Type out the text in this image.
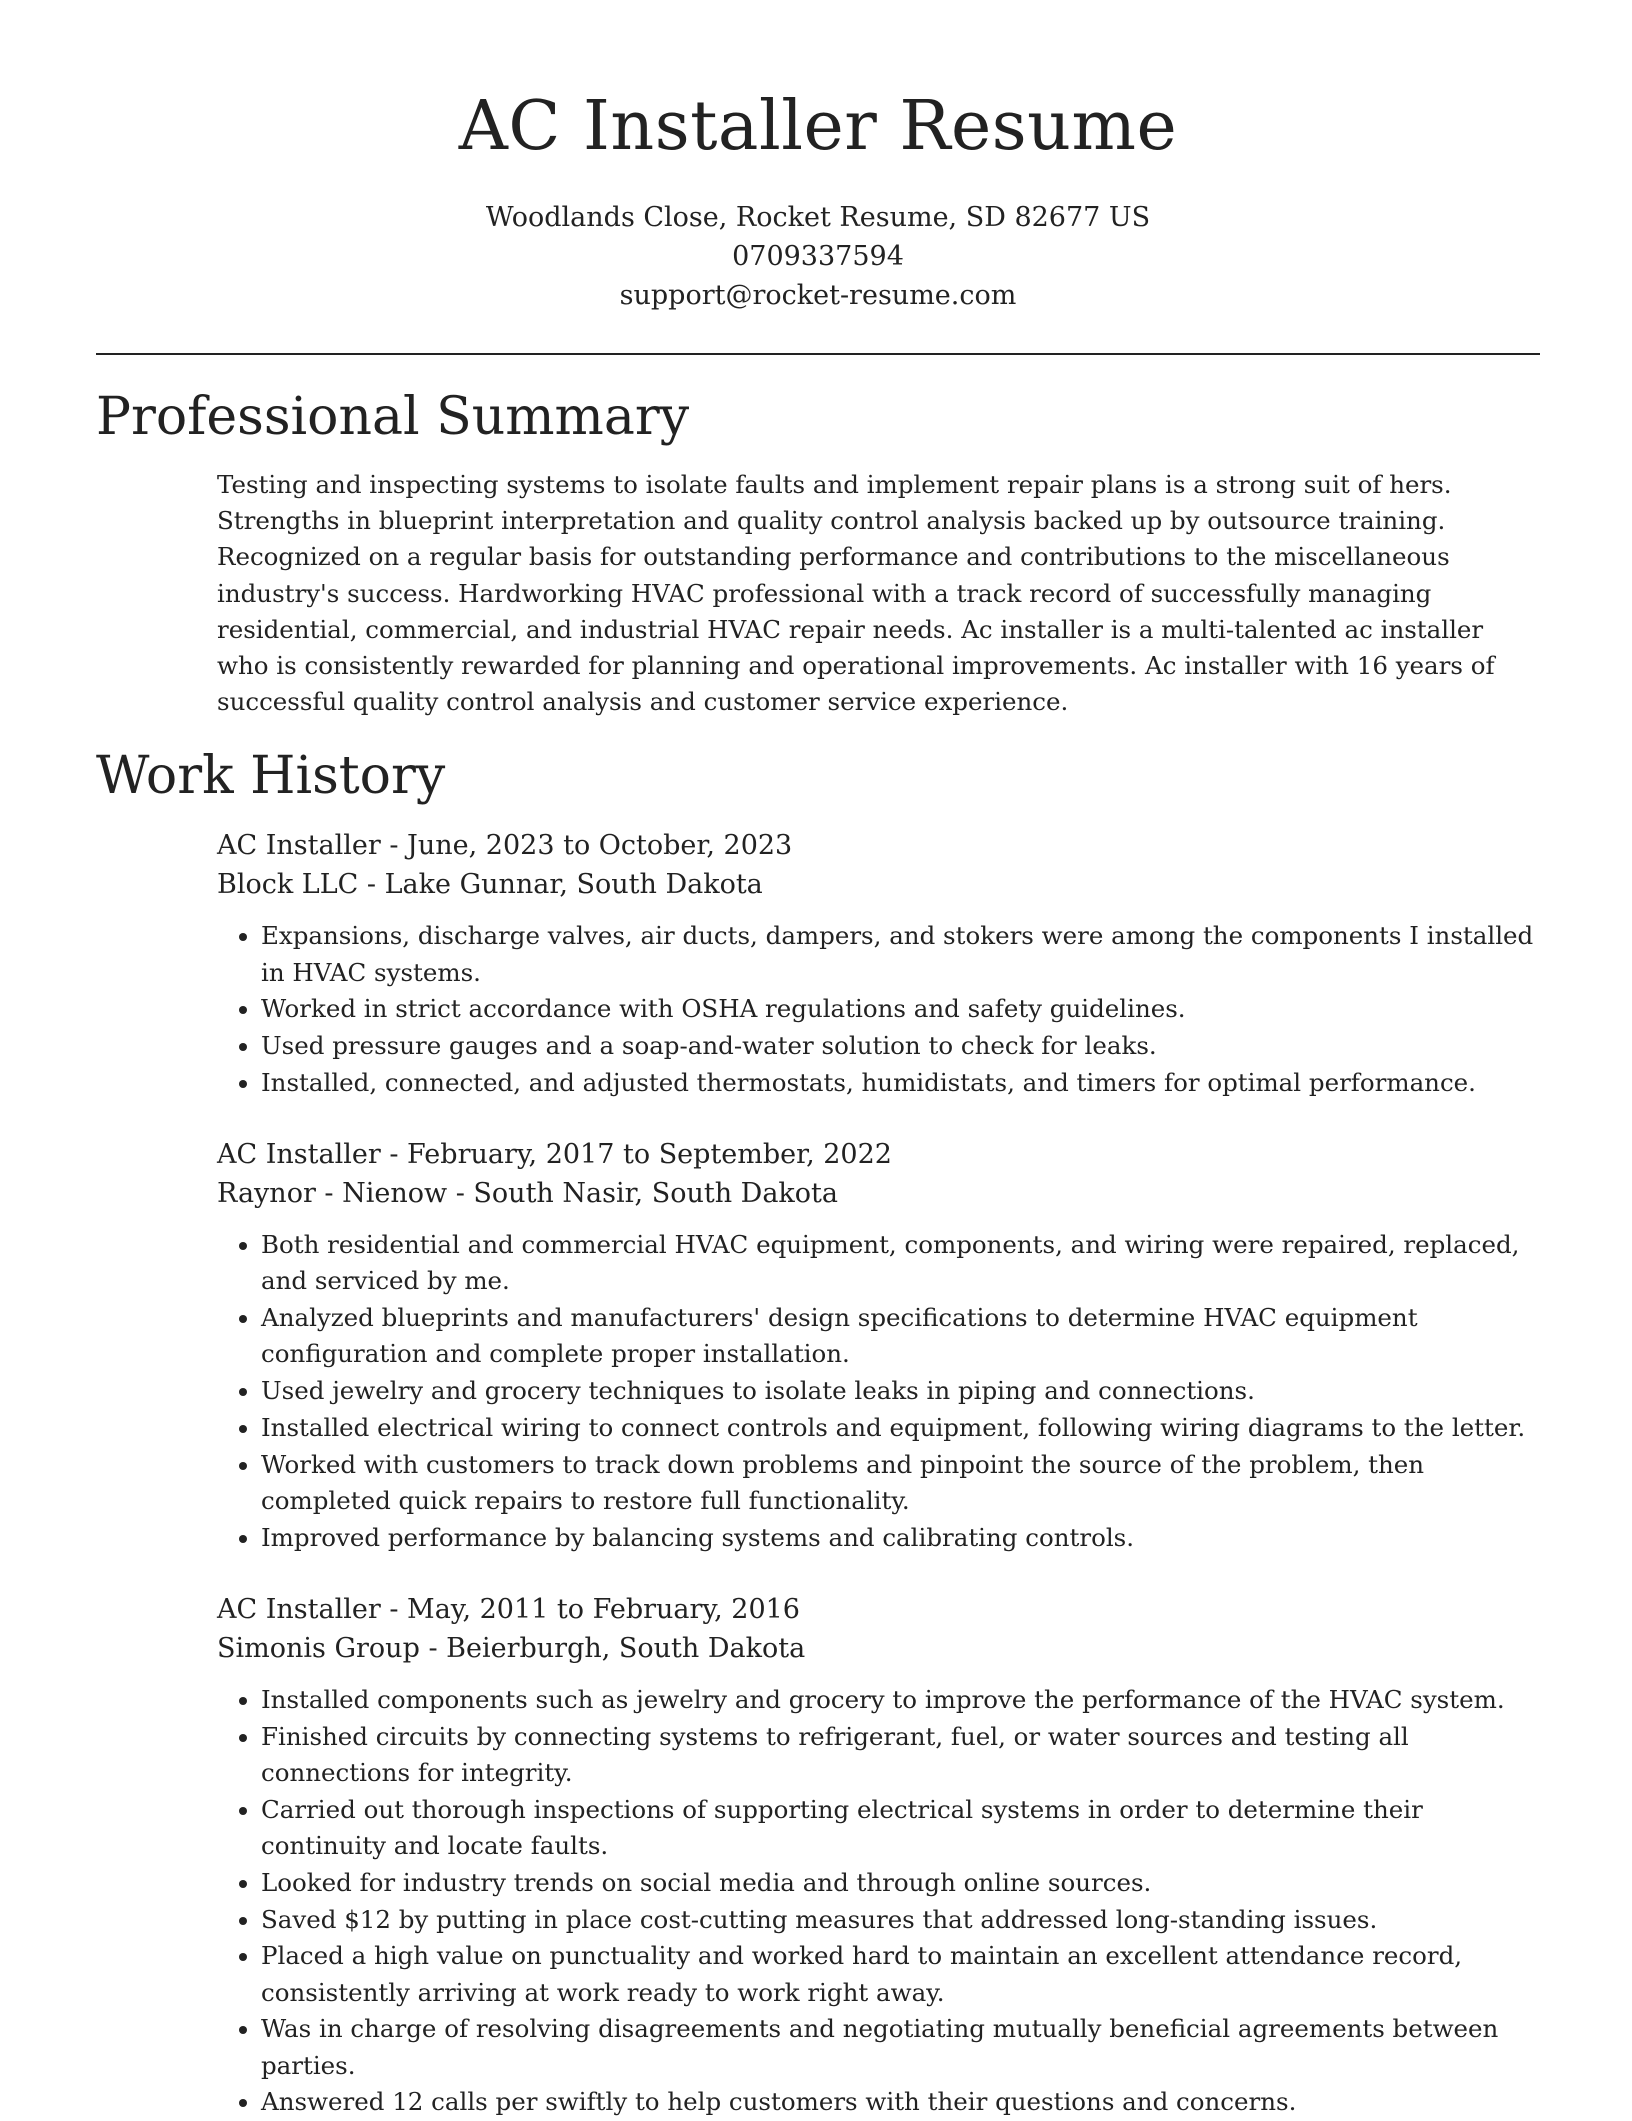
AC Installer Resume

Woodlands Close, Rocket Resume, SD 82677 US

0709337594

support@rocket-resume.com

Professional Summary

Testing and inspecting systems to isolate faults and implement repair plans is a strong suit of hers. Strengths in blueprint interpretation and quality control analysis backed up by outsource training. Recognized on a regular basis for outstanding performance and contributions to the miscellaneous industry's success. Hardworking HVAC professional with a track record of successfully managing residential, commercial, and industrial HVAC repair needs. Ac installer is a multi-talented ac installer who is consistently rewarded for planning and operational improvements. Ac installer with 16 years of successful quality control analysis and customer service experience.

Work History

AC Installer - June, 2023 to October, 2023

Block LLC - Lake Gunnar, South Dakota

• Expansions, discharge valves, air ducts, dampers, and stokers were among the components I installed in HVAC systems.
• Worked in strict accordance with OSHA regulations and safety guidelines.
• Used pressure gauges and a soap-and-water solution to check for leaks.
• Installed, connected, and adjusted thermostats, humidistats, and timers for optimal performance.

AC Installer - February, 2017 to September, 2022

Raynor - Nienow - South Nasir, South Dakota

• Both residential and commercial HVAC equipment, components, and wiring were repaired, replaced, and serviced by me.
• Analyzed blueprints and manufacturers' design specifications to determine HVAC equipment configuration and complete proper installation.
• Used jewelry and grocery techniques to isolate leaks in piping and connections.
• Installed electrical wiring to connect controls and equipment, following wiring diagrams to the letter.
• Worked with customers to track down problems and pinpoint the source of the problem, then completed quick repairs to restore full functionality.
• Improved performance by balancing systems and calibrating controls.

AC Installer - May, 2011 to February, 2016

Simonis Group - Beierburgh, South Dakota

• Installed components such as jewelry and grocery to improve the performance of the HVAC system.
• Finished circuits by connecting systems to refrigerant, fuel, or water sources and testing all connections for integrity.
• Carried out thorough inspections of supporting electrical systems in order to determine their continuity and locate faults.
• Looked for industry trends on social media and through online sources.
• Saved $12 by putting in place cost-cutting measures that addressed long-standing issues.
• Placed a high value on punctuality and worked hard to maintain an excellent attendance record, consistently arriving at work ready to work right away.
• Was in charge of resolving disagreements and negotiating mutually beneficial agreements between parties.
• Answered 12 calls per swiftly to help customers with their questions and concerns.
